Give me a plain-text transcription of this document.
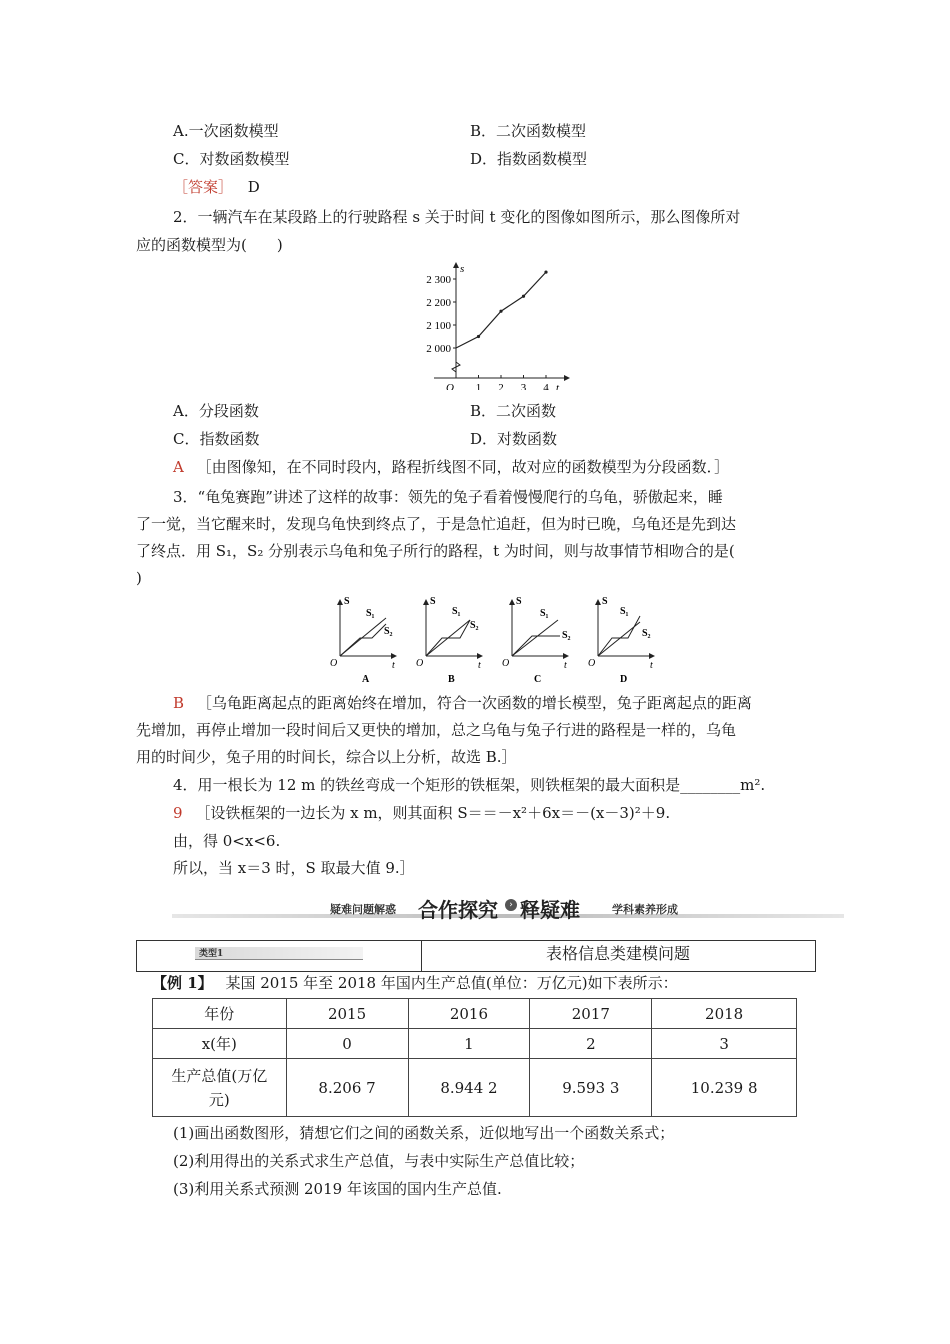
A.一次函数模型	B．二次函数模型
C．对数函数模型	D．指数函数模型
［答案］ D
2．一辆汽车在某段路上的行驶路程 s 关于时间 t 变化的图像如图所示，那么图像所对
应的函数模型为(　　)
2 000
2 100
2 200
2 300
1 2 3 4
s
t
O
A．分段函数	B．二次函数
C．指数函数	D．对数函数
A ［由图像知，在不同时段内，路程折线图不同，故对应的函数模型为分段函数．］
3．“龟兔赛跑”讲述了这样的故事：领先的兔子看着慢慢爬行的乌龟，骄傲起来，睡
了一觉，当它醒来时，发现乌龟快到终点了，于是急忙追赶，但为时已晚，乌龟还是先到达
了终点．用 S₁，S₂ 分别表示乌龟和兔子所行的路程，t 为时间，则与故事情节相吻合的是(
)
S
t
O
S₁
S₂
A
S
t
O
S₁
S₂
B
S
t
O
S₁
S₂
C
S
t
O
S₁
S₂
D
B ［乌龟距离起点的距离始终在增加，符合一次函数的增长模型，兔子距离起点的距离
先增加，再停止增加一段时间后又更快的增加，总之乌龟与兔子行进的路程是一样的，乌龟
用的时间少，兔子用的时间长，综合以上分析，故选 B.］
4．用一根长为 12 m 的铁丝弯成一个矩形的铁框架，则铁框架的最大面积是________m².
9 ［设铁框架的一边长为 x m，则其面积 S＝＝－x²＋6x＝－(x－3)²＋9.
由，得 0<x<6.
所以，当 x＝3 时，S 取最大值 9.］
疑难问题解惑 合作探究	› 释疑难	学科素养形成
类型1	表格信息类建模问题
【例 1】 某国 2015 年至 2018 年国内生产总值(单位：万亿元)如下表所示：
年份	2015	2016	2017	2018
x(年)	0	1	2	3

生产总值(万亿
元)	8.206 7	8.944 2	9.593 3	10.239 8
(1)画出函数图形，猜想它们之间的函数关系，近似地写出一个函数关系式；
(2)利用得出的关系式求生产总值，与表中实际生产总值比较；
(3)利用关系式预测 2019 年该国的国内生产总值.
